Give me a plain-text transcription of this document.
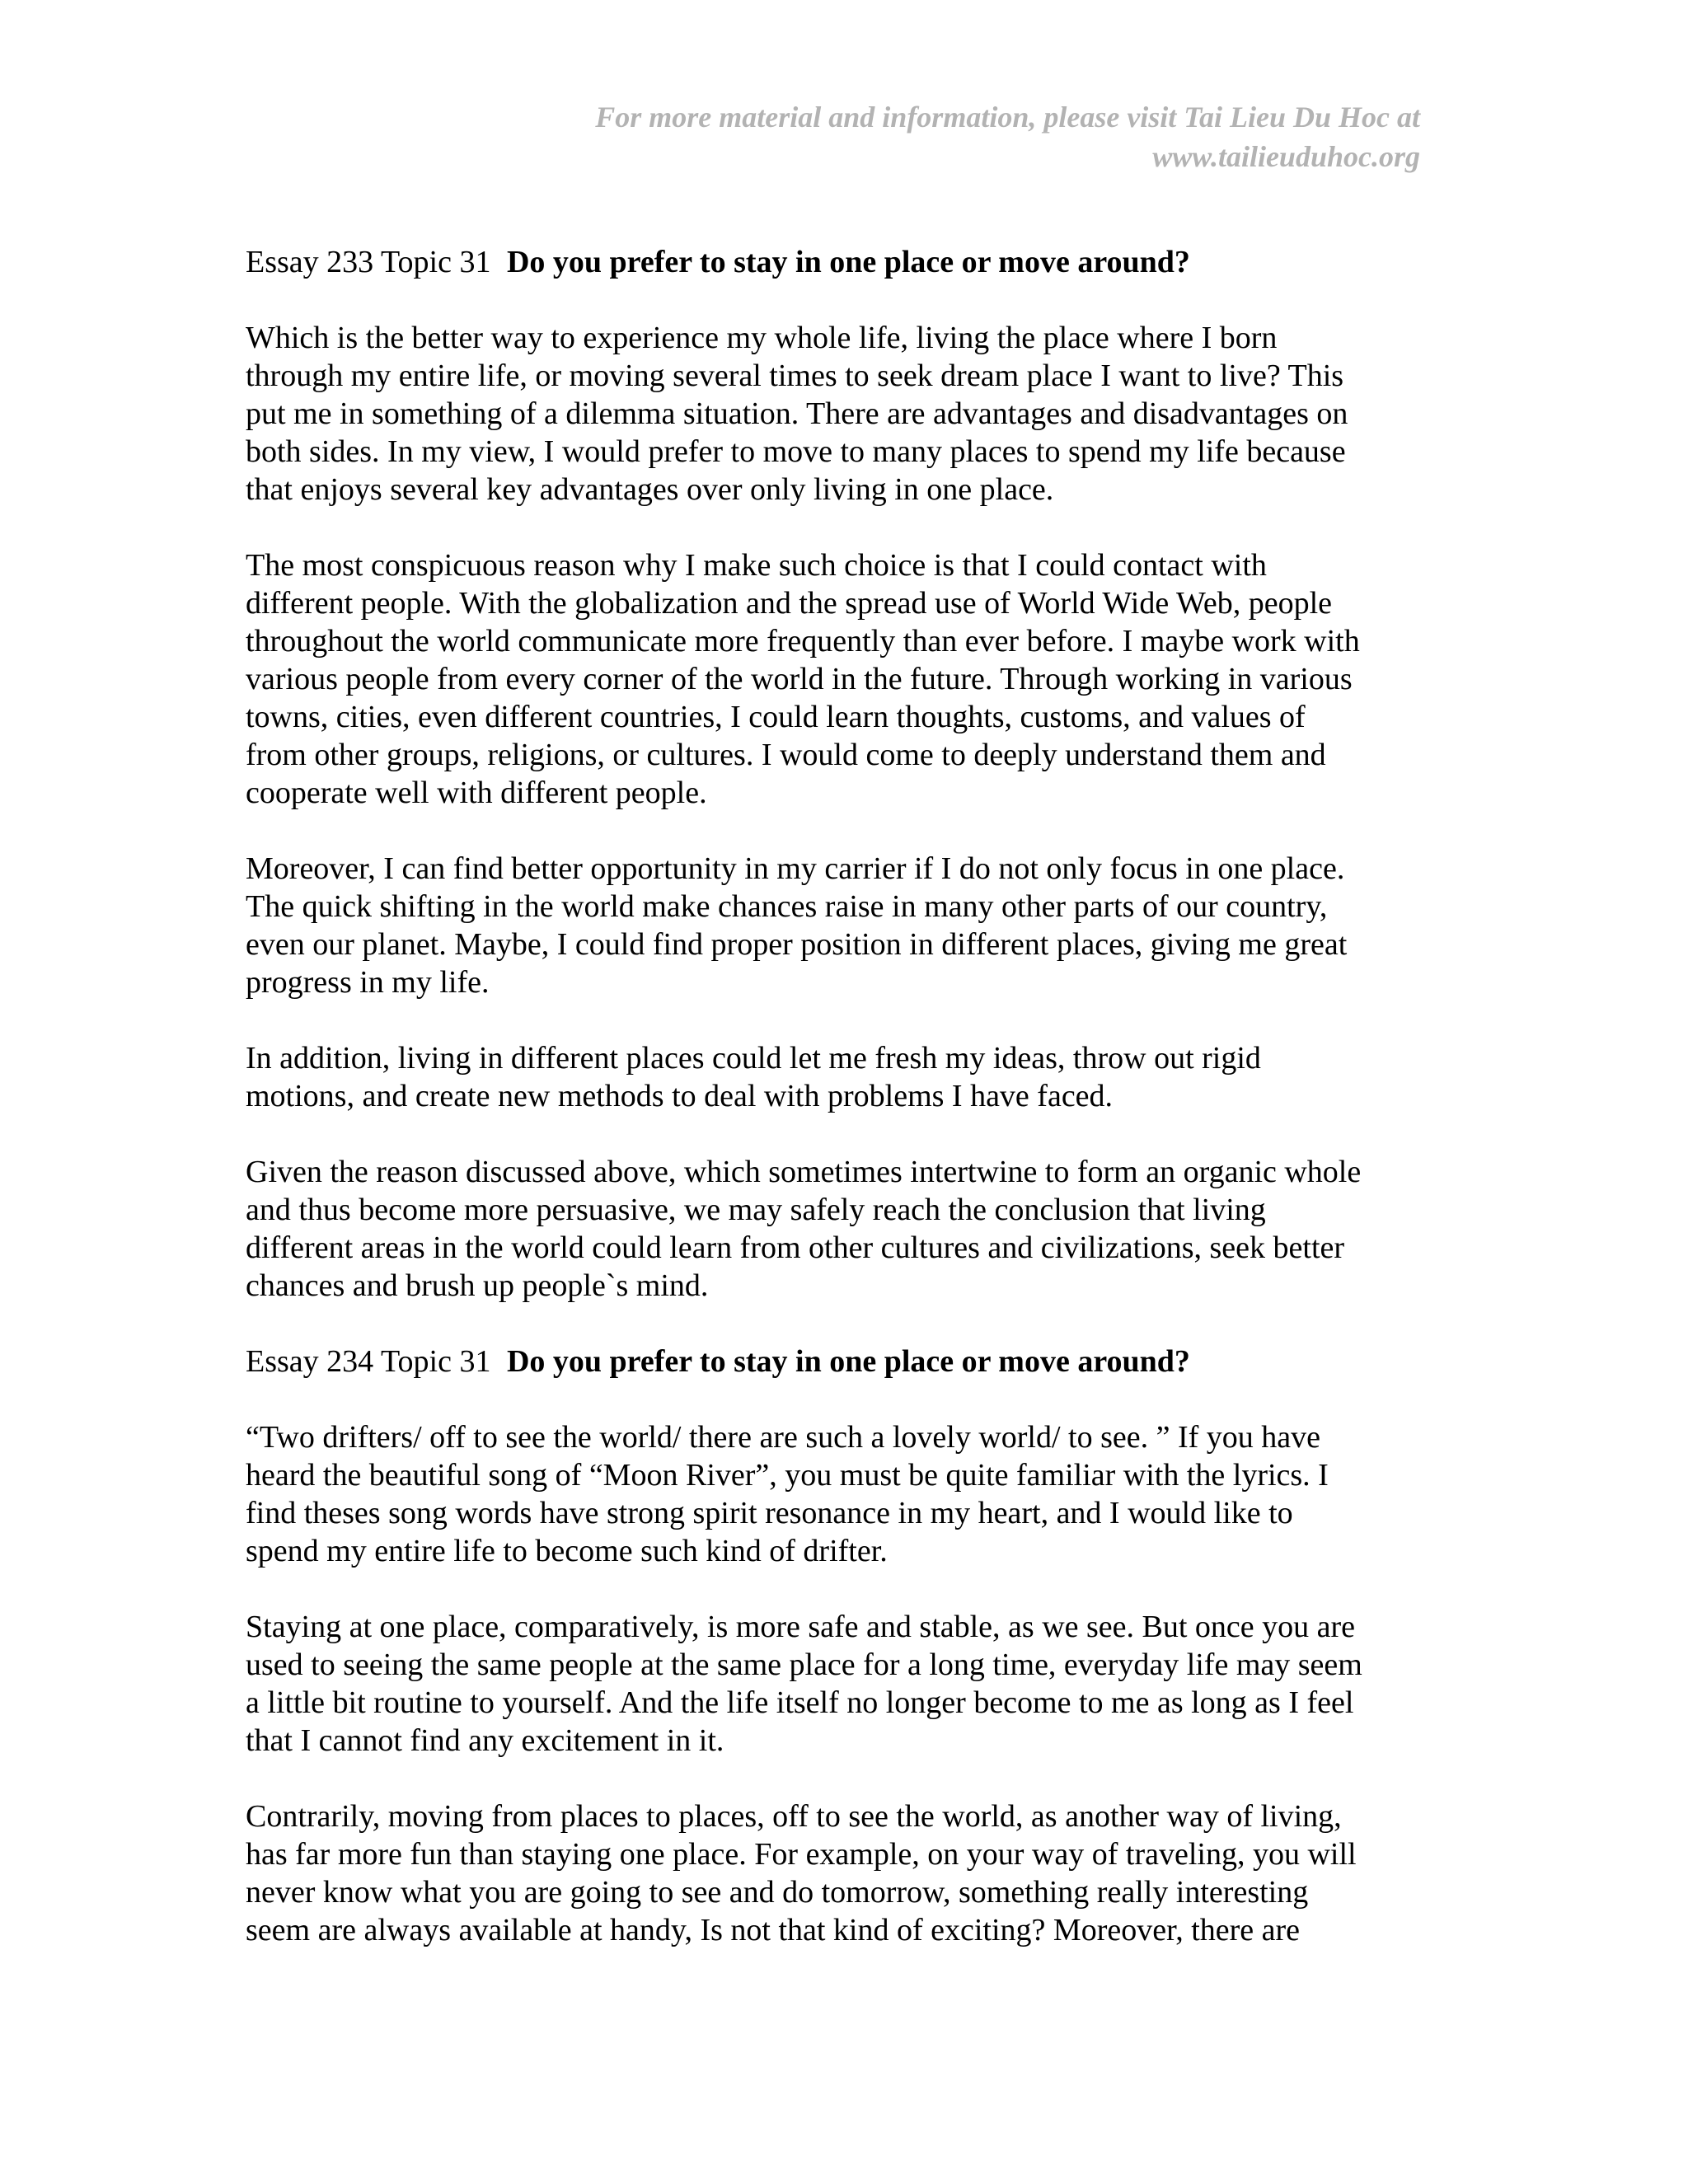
For more material and information, please visit Tai Lieu Du Hoc at
www.tailieuduhoc.org
Essay 233 Topic 31 Do you prefer to stay in one place or move around?
Which is the better way to experience my whole life, living the place where I born
through my entire life, or moving several times to seek dream place I want to live? This
put me in something of a dilemma situation. There are advantages and disadvantages on
both sides. In my view, I would prefer to move to many places to spend my life because
that enjoys several key advantages over only living in one place.
The most conspicuous reason why I make such choice is that I could contact with
different people. With the globalization and the spread use of World Wide Web, people
throughout the world communicate more frequently than ever before. I maybe work with
various people from every corner of the world in the future. Through working in various
towns, cities, even different countries, I could learn thoughts, customs, and values of
from other groups, religions, or cultures. I would come to deeply understand them and
cooperate well with different people.
Moreover, I can find better opportunity in my carrier if I do not only focus in one place.
The quick shifting in the world make chances raise in many other parts of our country,
even our planet. Maybe, I could find proper position in different places, giving me great
progress in my life.
In addition, living in different places could let me fresh my ideas, throw out rigid
motions, and create new methods to deal with problems I have faced.
Given the reason discussed above, which sometimes intertwine to form an organic whole
and thus become more persuasive, we may safely reach the conclusion that living
different areas in the world could learn from other cultures and civilizations, seek better
chances and brush up people`s mind.
Essay 234 Topic 31 Do you prefer to stay in one place or move around?
“Two drifters/ off to see the world/ there are such a lovely world/ to see. ” If you have
heard the beautiful song of “Moon River”, you must be quite familiar with the lyrics. I
find theses song words have strong spirit resonance in my heart, and I would like to
spend my entire life to become such kind of drifter.
Staying at one place, comparatively, is more safe and stable, as we see. But once you are
used to seeing the same people at the same place for a long time, everyday life may seem
a little bit routine to yourself. And the life itself no longer become to me as long as I feel
that I cannot find any excitement in it.
Contrarily, moving from places to places, off to see the world, as another way of living,
has far more fun than staying one place. For example, on your way of traveling, you will
never know what you are going to see and do tomorrow, something really interesting
seem are always available at handy, Is not that kind of exciting? Moreover, there are
